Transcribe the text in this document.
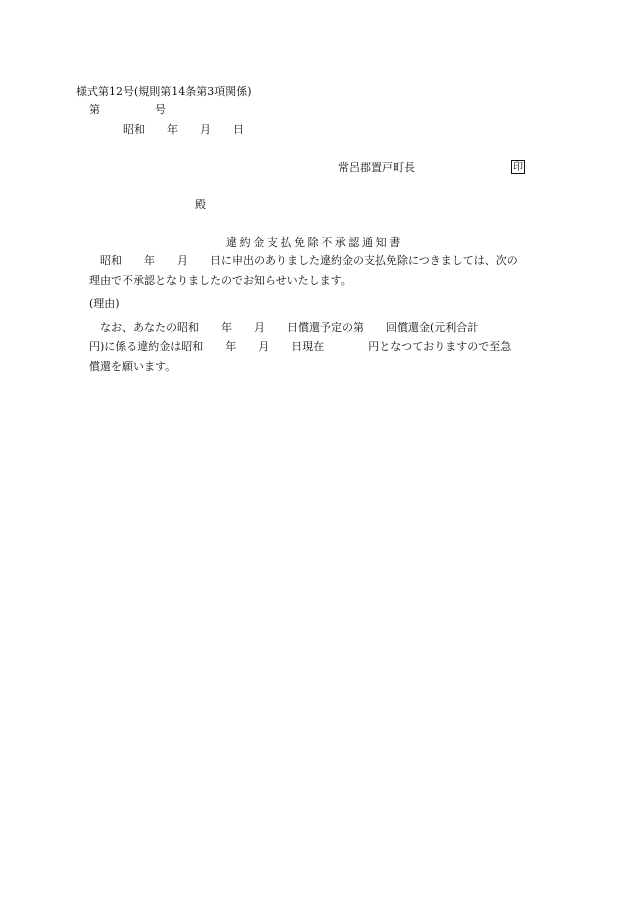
様式第12号(規則第14条第3項関係)
第　　　　　号
昭和　　年　　月　　日
常呂郡置戸町長	印
殿
違約金支払免除不承認通知書
昭和　　年　　月　　日に申出のありました違約金の支払免除につきましては、次の
理由で不承認となりましたのでお知らせいたします。
(理由)
なお、あなたの昭和　　年　　月　　日償還予定の第　　回償還金(元利合計
円)に係る違約金は昭和　　年　　月　　日現在　　　　円となつておりますので至急
償還を願います。
